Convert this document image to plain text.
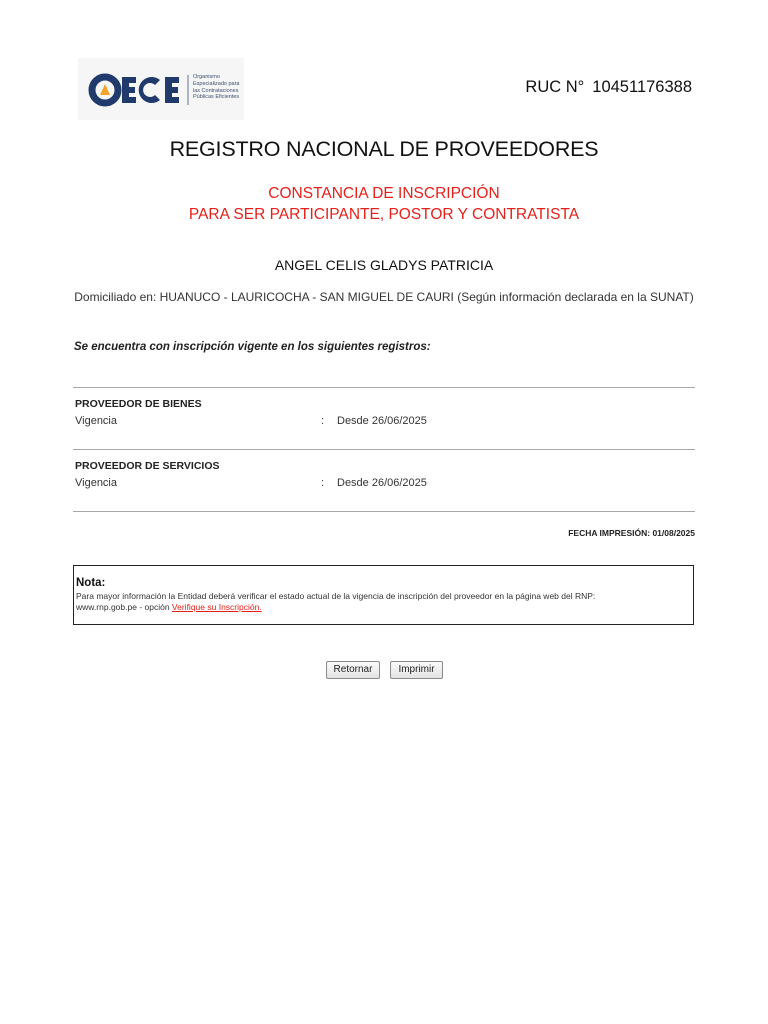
Organismo
Especializado para
las Contrataciones
Públicas Eficientes
RUC N° 10451176388
REGISTRO NACIONAL DE PROVEEDORES
CONSTANCIA DE INSCRIPCIÓN
PARA SER PARTICIPANTE, POSTOR Y CONTRATISTA
ANGEL CELIS GLADYS PATRICIA
Domiciliado en: HUANUCO - LAURICOCHA - SAN MIGUEL DE CAURI (Según información declarada en la SUNAT)
Se encuentra con inscripción vigente en los siguientes registros:
PROVEEDOR DE BIENES
Vigencia	: Desde 26/06/2025
PROVEEDOR DE SERVICIOS
Vigencia	: Desde 26/06/2025
FECHA IMPRESIÓN: 01/08/2025
Nota:
Para mayor información la Entidad deberá verificar el estado actual de la vigencia de inscripción del proveedor en la página web del RNP:
www.rnp.gob.pe - opción Verifique su Inscripción.
Retornar	Imprimir
